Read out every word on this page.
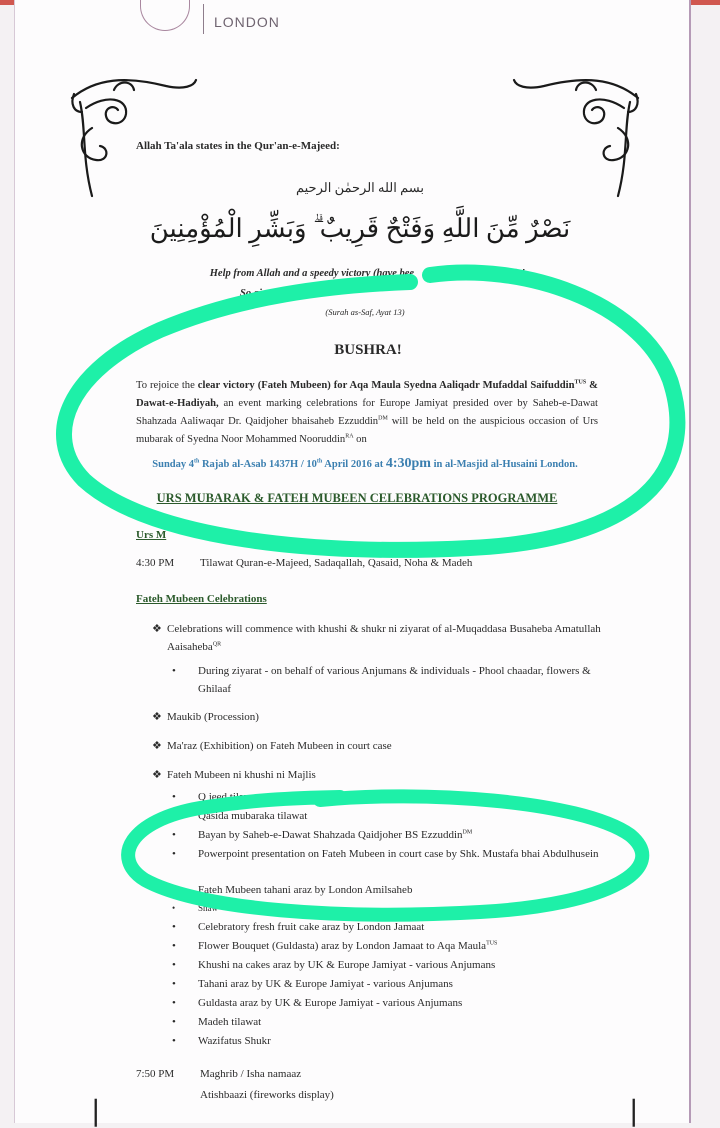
LONDON
Allah Ta'ala states in the Qur'an-e-Majeed:
بسم الله الرحمٰن الرحيم
نَصْرٌ مِّنَ اللَّهِ وَفَتْحٌ قَرِيبٌ ۗ وَبَشِّرِ الْمُؤْمِنِينَ
Help from Allah and a speedy victory (have bee	llah) !
So give the
(Surah as-Saf, Ayat 13)
BUSHRA!
To rejoice the clear victory (Fateh Mubeen) for Aqa Maula Syedna Aaliqadr Mufaddal Saifuddin$^{TUS}$ & Dawat-e-Hadiyah, an event marking celebrations for Europe Jamiyat presided over by Saheb-e-Dawat Shahzada Aaliwaqar Dr. Qaidjoher bhaisaheb Ezzuddin$^{DM}$ will be held on the auspicious occasion of Urs mubarak of Syedna Noor Mohammed Nooruddin$^{RA}$ on
Sunday 4th Rajab al-Asab 1437H / 10th April 2016 at 4:30pm in al-Masjid al-Husaini London.
URS MUBARAK & FATEH MUBEEN CELEBRATIONS PROGRAMME
Urs M
4:30 PM	Tilawat Quran-e-Majeed, Sadaqallah, Qasaid, Noha & Madeh
Fateh Mubeen Celebrations
❖ Celebrations will commence with khushi & shukr ni ziyarat of al-Muqaddasa Busaheba Amatullah Aaisaheba$^{QR}$
• During ziyarat - on behalf of various Anjumans & individuals - Phool chaadar, flowers & Ghilaaf
❖ Maukib (Procession)
❖ Ma'raz (Exhibition) on Fateh Mubeen in court case
❖ Fateh Mubeen ni khushi ni Majlis
• Q jeed tilawat
Qasida mubaraka tilawat
• Bayan by Saheb-e-Dawat Shahzada Qaidjoher BS Ezzuddin$^{DM}$
• Powerpoint presentation on Fateh Mubeen in court case by Shk. Mustafa bhai Abdulhusein
Fateh Mubeen tahani araz by London Amilsaheb
•	Shaw
• Celebratory fresh fruit cake araz by London Jamaat
• Flower Bouquet (Guldasta) araz by London Jamaat to Aqa Maula$^{TUS}$
• Khushi na cakes araz by UK & Europe Jamiyat - various Anjumans
• Tahani araz by UK & Europe Jamiyat - various Anjumans
• Guldasta araz by UK & Europe Jamiyat - various Anjumans
• Madeh tilawat
• Wazifatus Shukr
7:50 PM	Maghrib / Isha namaaz
Atishbaazi (fireworks display)
❘	❘
